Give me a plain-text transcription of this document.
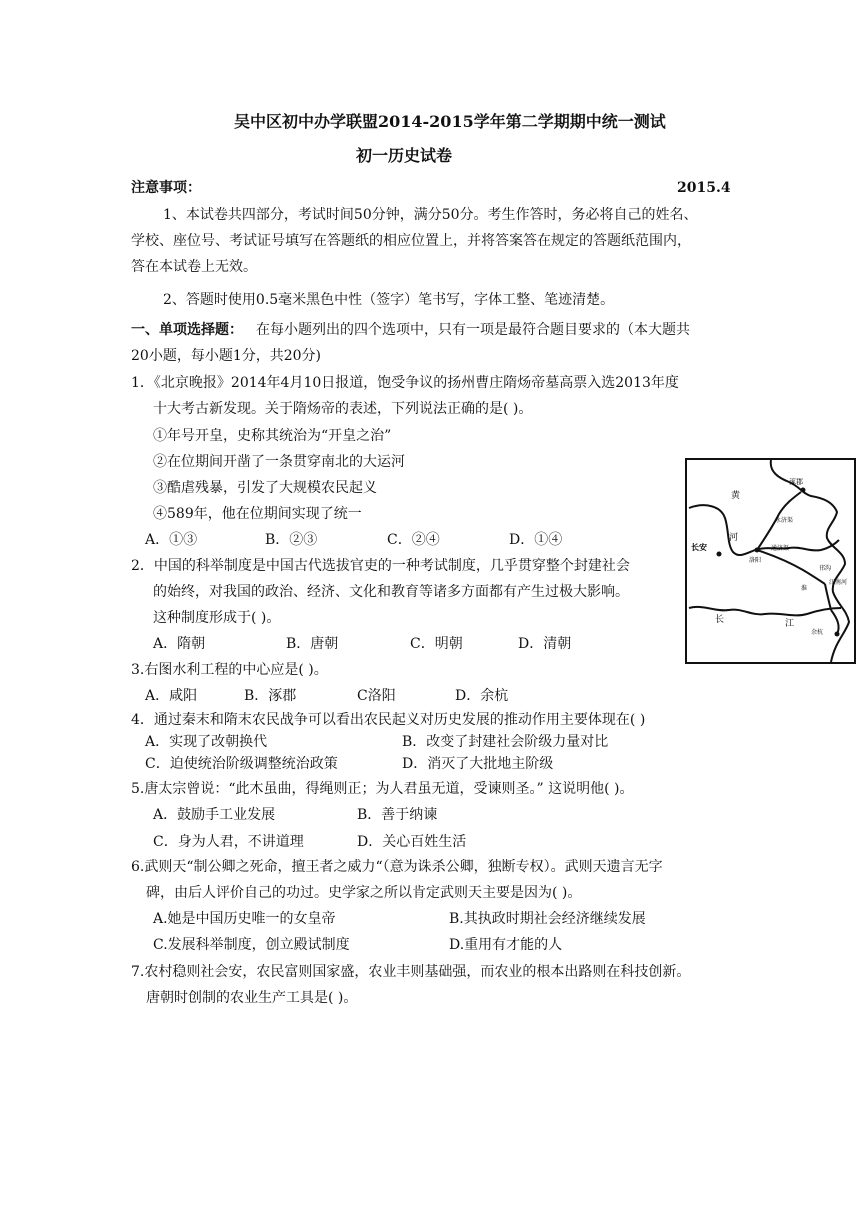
吴中区初中办学联盟2014-2015学年第二学期期中统一测试
初一历史试卷
注意事项：	2015.4
1、本试卷共四部分，考试时间50分钟，满分50分。考生作答时，务必将自己的姓名、
学校、座位号、考试证号填写在答题纸的相应位置上，并将答案答在规定的答题纸范围内，
答在本试卷上无效。
2、答题时使用0.5毫米黑色中性（签字）笔书写，字体工整、笔迹清楚。
一、单项选择题： 在每小题列出的四个选项中，只有一项是最符合题目要求的（本大题共
20小题，每小题1分，共20分)
1．《北京晚报》2014年4月10日报道，饱受争议的扬州曹庄隋炀帝墓高票入选2013年度
十大考古新发现。关于隋炀帝的表述，下列说法正确的是( )。
①年号开皇，史称其统治为“开皇之治”
②在位期间开凿了一条贯穿南北的大运河
③酷虐残暴，引发了大规模农民起义
④589年，他在位期间实现了统一
A．①③	B．②③	C．②④	D．①④
2．中国的科举制度是中国古代选拔官吏的一种考试制度，几乎贯穿整个封建社会
的始终，对我国的政治、经济、文化和教育等诸多方面都有产生过极大影响。
这种制度形成于( )。
A．隋朝	B．唐朝	C．明朝	D．清朝
3.右图水利工程的中心应是( )。
A．咸阳	B．涿郡	C洛阳	D．余杭
4．通过秦末和隋末农民战争可以看出农民起义对历史发展的推动作用主要体现在( )
A．实现了改朝换代	B．改变了封建社会阶级力量对比
C．迫使统治阶级调整统治政策	D．消灭了大批地主阶级
5.唐太宗曾说：“此木虽曲，得绳则正；为人君虽无道，受谏则圣。” 这说明他( )。
A．鼓励手工业发展	B．善于纳谏
C．身为人君，不讲道理	D．关心百姓生活
6.武则天“制公卿之死命，擅王者之威力“（意为诛杀公卿，独断专权）。武则天遗言无字
碑，由后人评价自己的功过。史学家之所以肯定武则天主要是因为( )。
A.她是中国历史唯一的女皇帝	B.其执政时期社会经济继续发展
C.发展科举制度，创立殿试制度	D.重用有才能的人
7.农村稳则社会安，农民富则国家盛，农业丰则基础强，而农业的根本出路则在科技创新。
唐朝时创制的农业生产工具是( )。
涿郡
永济渠
长安
洛阳
通济渠
邗沟
江南河
余杭
黄
河
长	江
淮
